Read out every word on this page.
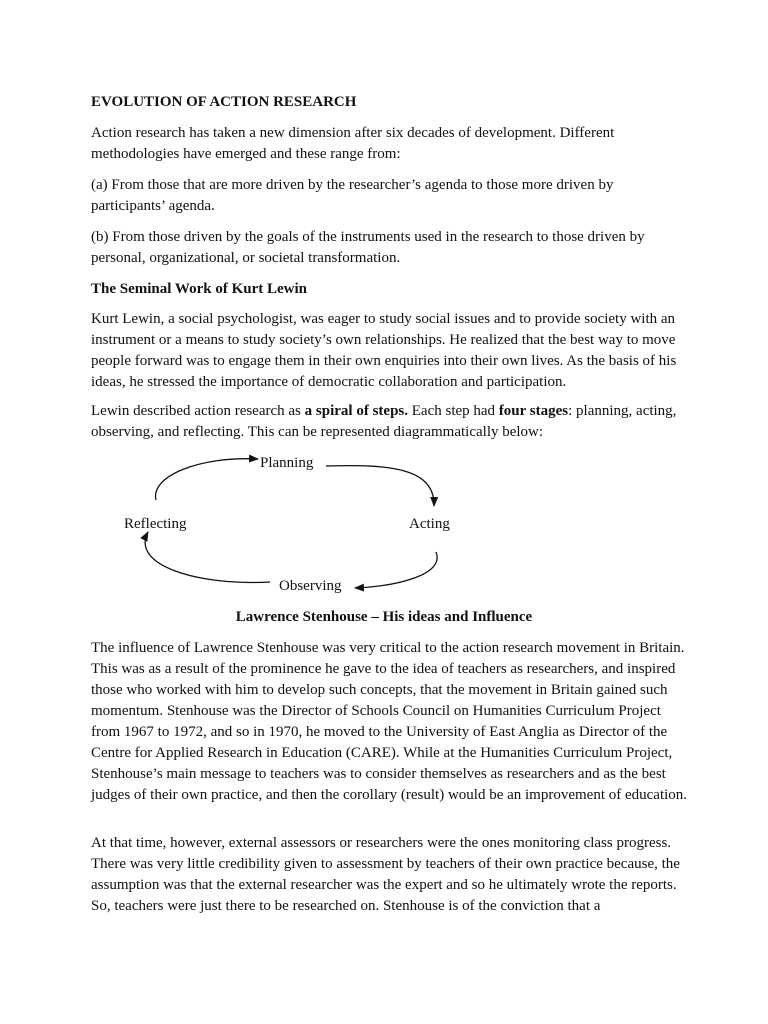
EVOLUTION OF ACTION RESEARCH

Action research has taken a new dimension after six decades of development. Different methodologies have emerged and these range from:

(a) From those that are more driven by the researcher’s agenda to those more driven by participants’ agenda.

(b) From those driven by the goals of the instruments used in the research to those driven by personal, organizational, or societal transformation.

The Seminal Work of Kurt Lewin

Kurt Lewin, a social psychologist, was eager to study social issues and to provide society with an instrument or a means to study society’s own relationships. He realized that the best way to move people forward was to engage them in their own enquiries into their own lives. As the basis of his ideas, he stressed the importance of democratic collaboration and participation.

Lewin described action research as a spiral of steps. Each step had four stages: planning, acting, observing, and reflecting. This can be represented diagrammatically below:

Planning
Acting
Observing
Reflecting

Lawrence Stenhouse – His ideas and Influence

The influence of Lawrence Stenhouse was very critical to the action research movement in Britain. This was as a result of the prominence he gave to the idea of teachers as researchers, and inspired those who worked with him to develop such concepts, that the movement in Britain gained such momentum. Stenhouse was the Director of Schools Council on Humanities Curriculum Project from 1967 to 1972, and so in 1970, he moved to the University of East Anglia as Director of the Centre for Applied Research in Education (CARE). While at the Humanities Curriculum Project, Stenhouse’s main message to teachers was to consider themselves as researchers and as the best judges of their own practice, and then the corollary (result) would be an improvement of education.

At that time, however, external assessors or researchers were the ones monitoring class progress. There was very little credibility given to assessment by teachers of their own practice because, the assumption was that the external researcher was the expert and so he ultimately wrote the reports. So, teachers were just there to be researched on. Stenhouse is of the conviction that a
